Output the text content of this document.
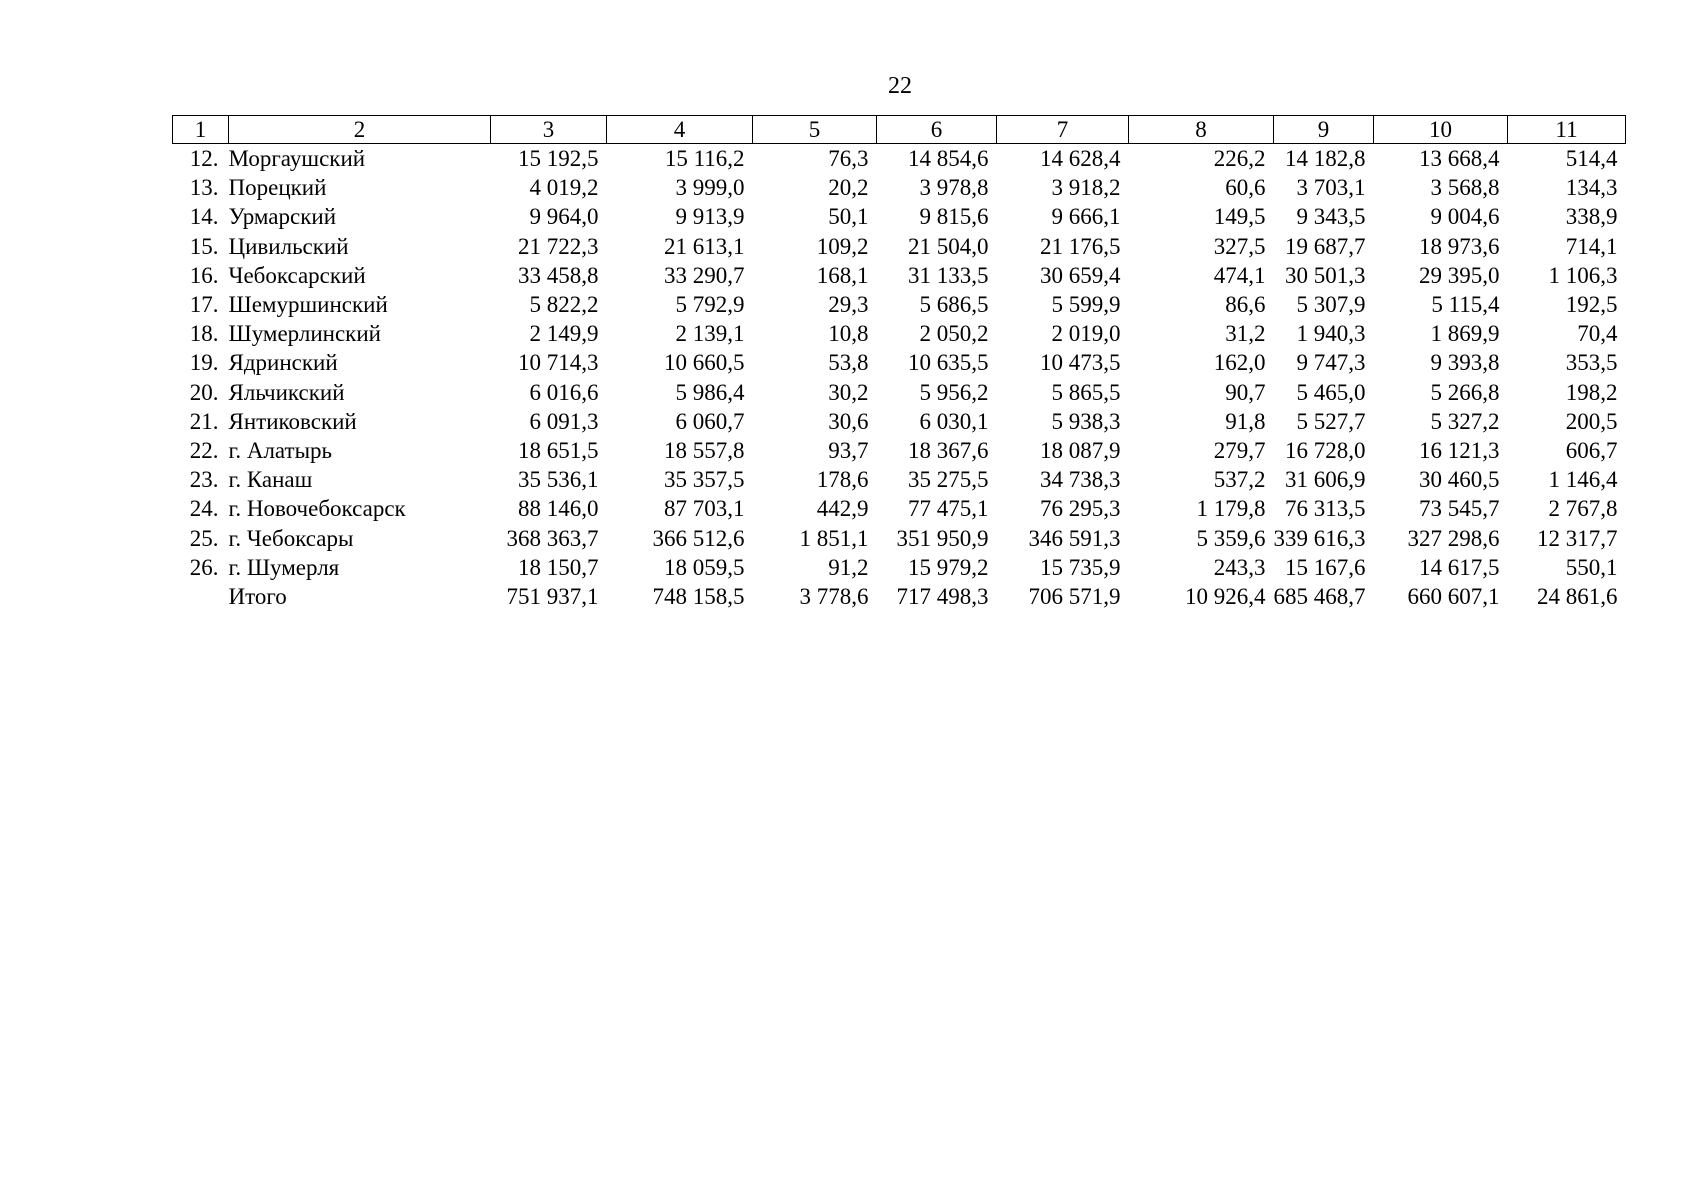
22
1	2	3	4	5	6	7	8	9	10	11
12.	Моргаушский	15 192,5	15 116,2	76,3	14 854,6	14 628,4	226,2	14 182,8	13 668,4	514,4
13.	Порецкий	4 019,2	3 999,0	20,2	3 978,8	3 918,2	60,6	3 703,1	3 568,8	134,3
14.	Урмарский	9 964,0	9 913,9	50,1	9 815,6	9 666,1	149,5	9 343,5	9 004,6	338,9
15.	Цивильский	21 722,3	21 613,1	109,2	21 504,0	21 176,5	327,5	19 687,7	18 973,6	714,1
16.	Чебоксарский	33 458,8	33 290,7	168,1	31 133,5	30 659,4	474,1	30 501,3	29 395,0	1 106,3
17.	Шемуршинский	5 822,2	5 792,9	29,3	5 686,5	5 599,9	86,6	5 307,9	5 115,4	192,5
18.	Шумерлинский	2 149,9	2 139,1	10,8	2 050,2	2 019,0	31,2	1 940,3	1 869,9	70,4
19.	Ядринский	10 714,3	10 660,5	53,8	10 635,5	10 473,5	162,0	9 747,3	9 393,8	353,5
20.	Яльчикский	6 016,6	5 986,4	30,2	5 956,2	5 865,5	90,7	5 465,0	5 266,8	198,2
21.	Янтиковский	6 091,3	6 060,7	30,6	6 030,1	5 938,3	91,8	5 527,7	5 327,2	200,5
22.	г. Алатырь	18 651,5	18 557,8	93,7	18 367,6	18 087,9	279,7	16 728,0	16 121,3	606,7
23.	г. Канаш	35 536,1	35 357,5	178,6	35 275,5	34 738,3	537,2	31 606,9	30 460,5	1 146,4
24.	г. Новочебоксарск	88 146,0	87 703,1	442,9	77 475,1	76 295,3	1 179,8	76 313,5	73 545,7	2 767,8
25.	г. Чебоксары	368 363,7	366 512,6	1 851,1	351 950,9	346 591,3	5 359,6	339 616,3	327 298,6	12 317,7
26.	г. Шумерля	18 150,7	18 059,5	91,2	15 979,2	15 735,9	243,3	15 167,6	14 617,5	550,1
	Итого	751 937,1	748 158,5	3 778,6	717 498,3	706 571,9	10 926,4	685 468,7	660 607,1	24 861,6
